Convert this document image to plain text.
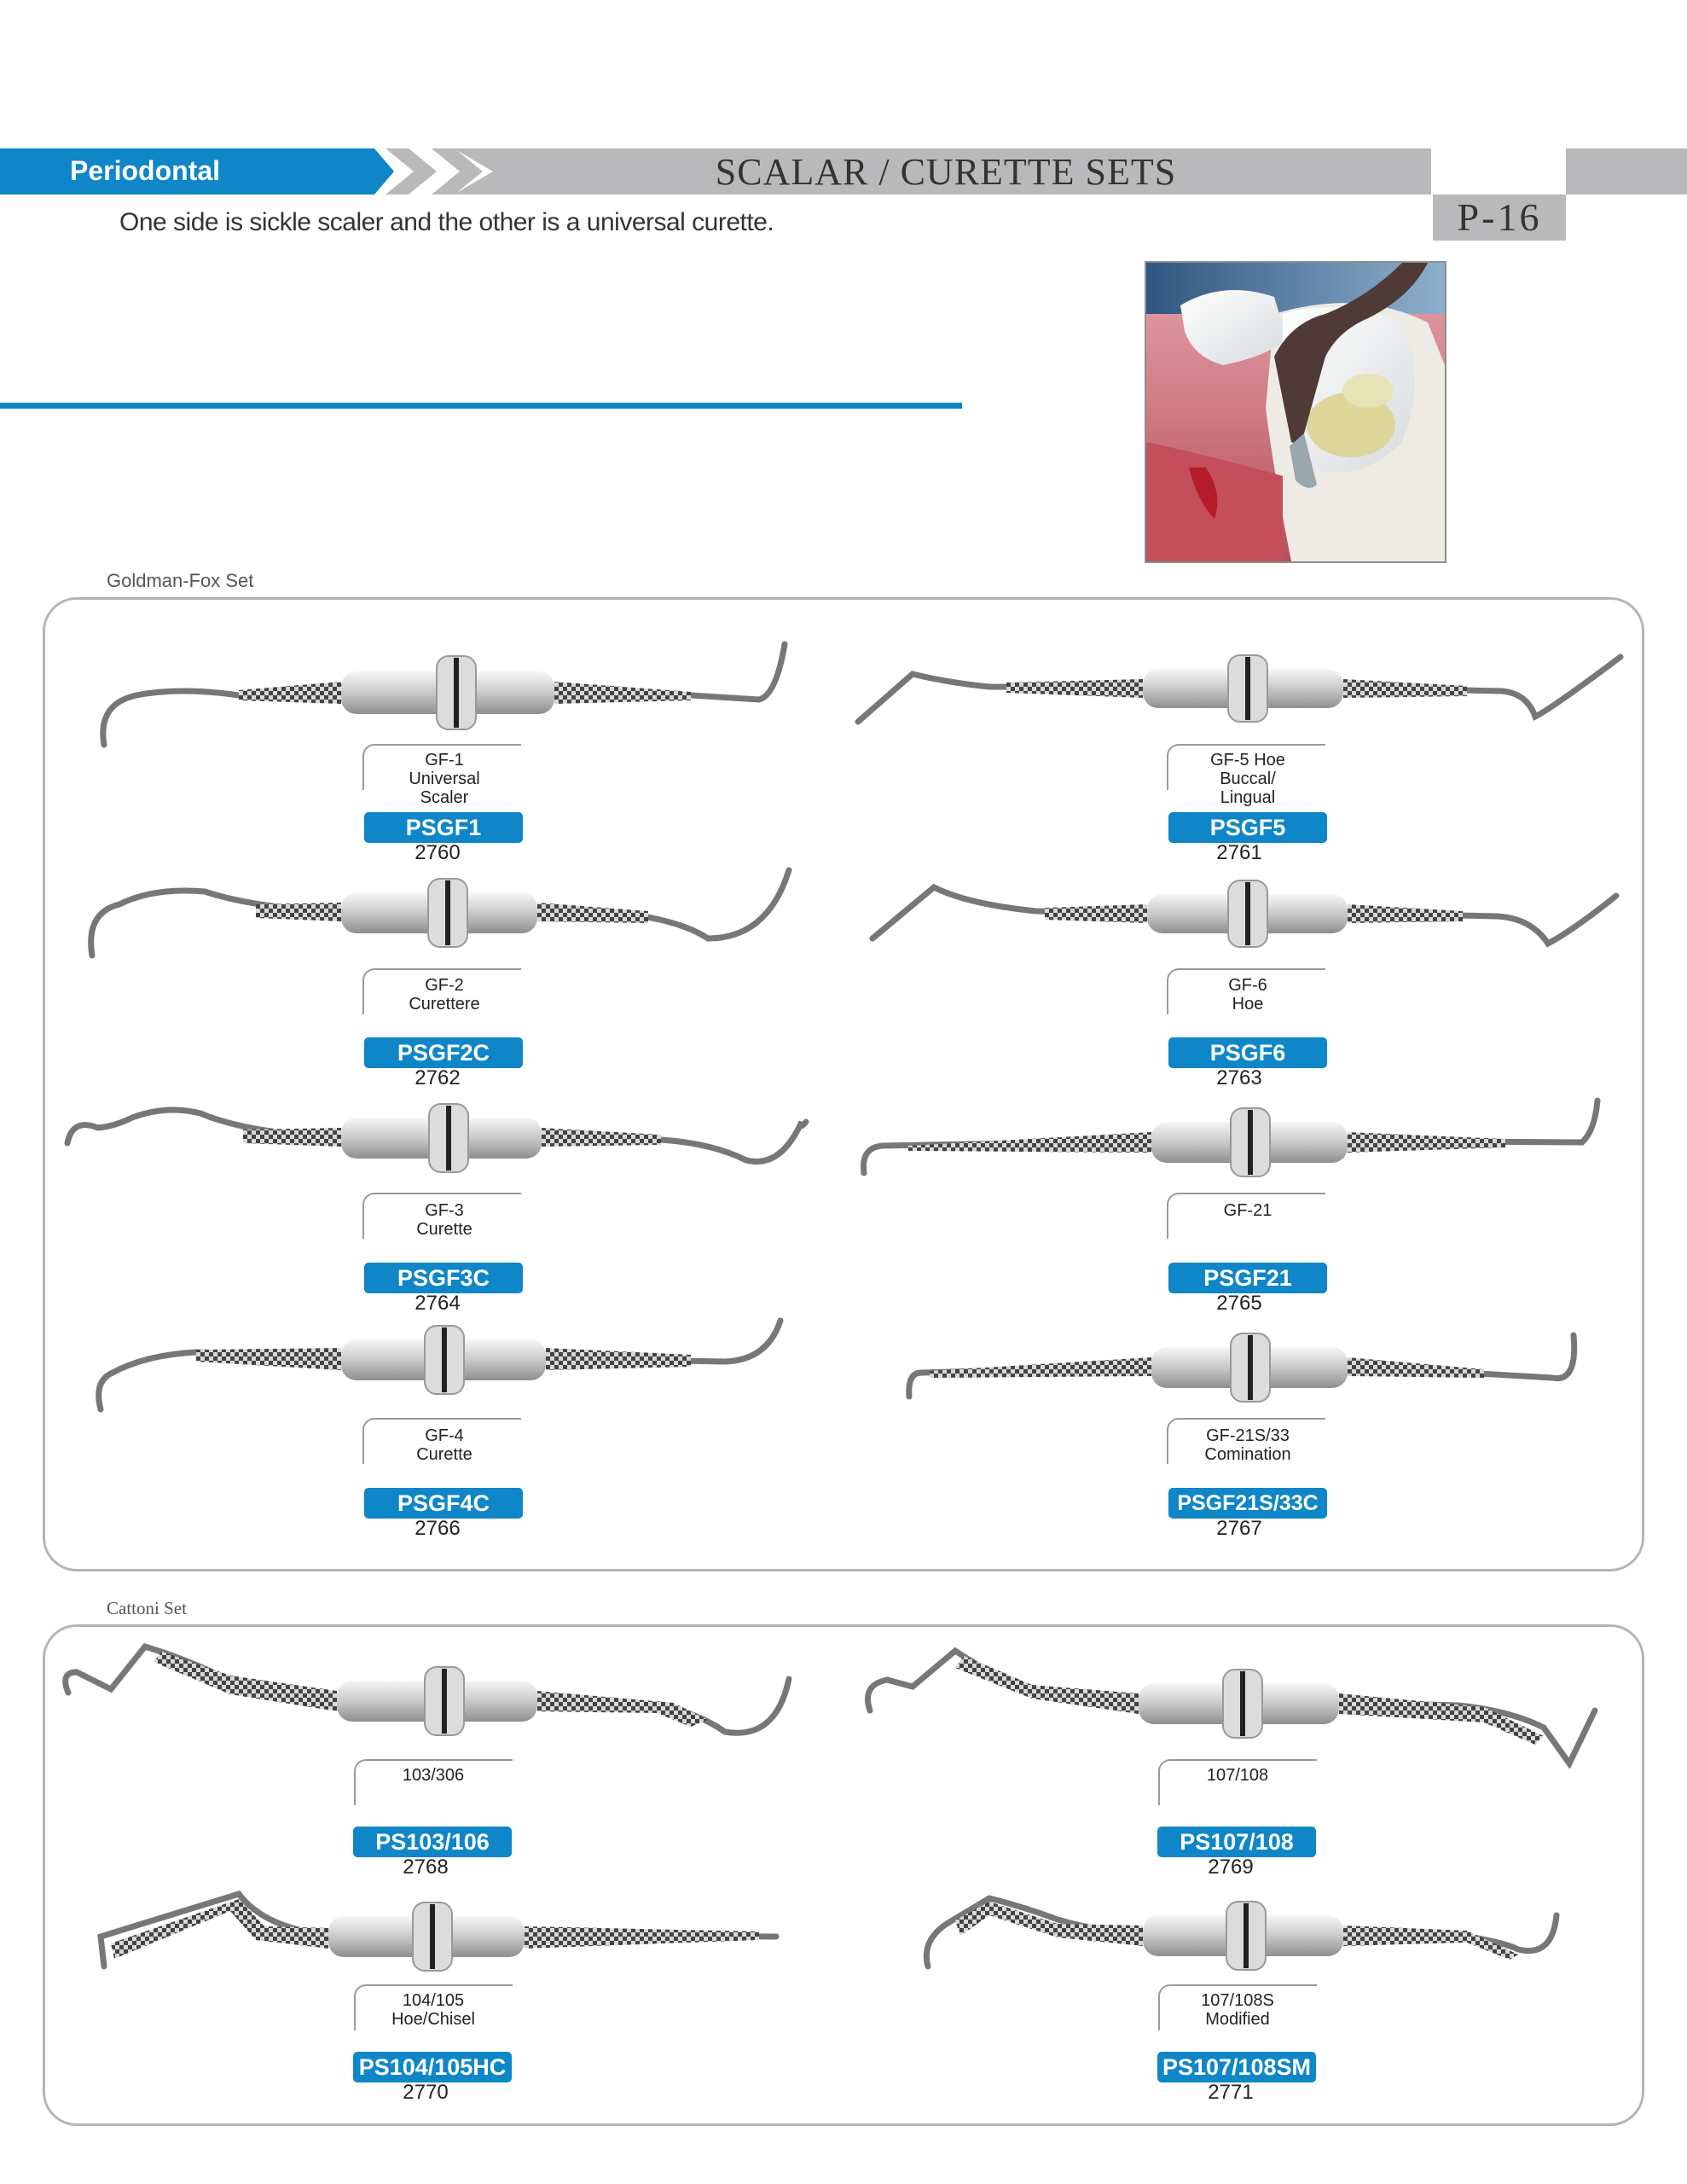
Periodontal	SCALAR / CURETTE SETS
P-16
One side is sickle scaler and the other is a universal curette.
Goldman-Fox Set
GF-1
Universal
Scaler
PSGF1
2760
GF-5 Hoe
Buccal/
Lingual
PSGF5
2761
GF-2
Curettere
PSGF2C
2762
GF-6
Hoe
PSGF6
2763
GF-3
Curette
PSGF3C
2764
GF-21
PSGF21
2765
GF-4
Curette
PSGF4C
2766
GF-21S/33
Comination
PSGF21S/33C
2767
Cattoni Set
103/306
PS103/106
2768
107/108
PS107/108
2769
104/105
Hoe/Chisel
PS104/105HC
2770
107/108S
Modified
PS107/108SM
2771
